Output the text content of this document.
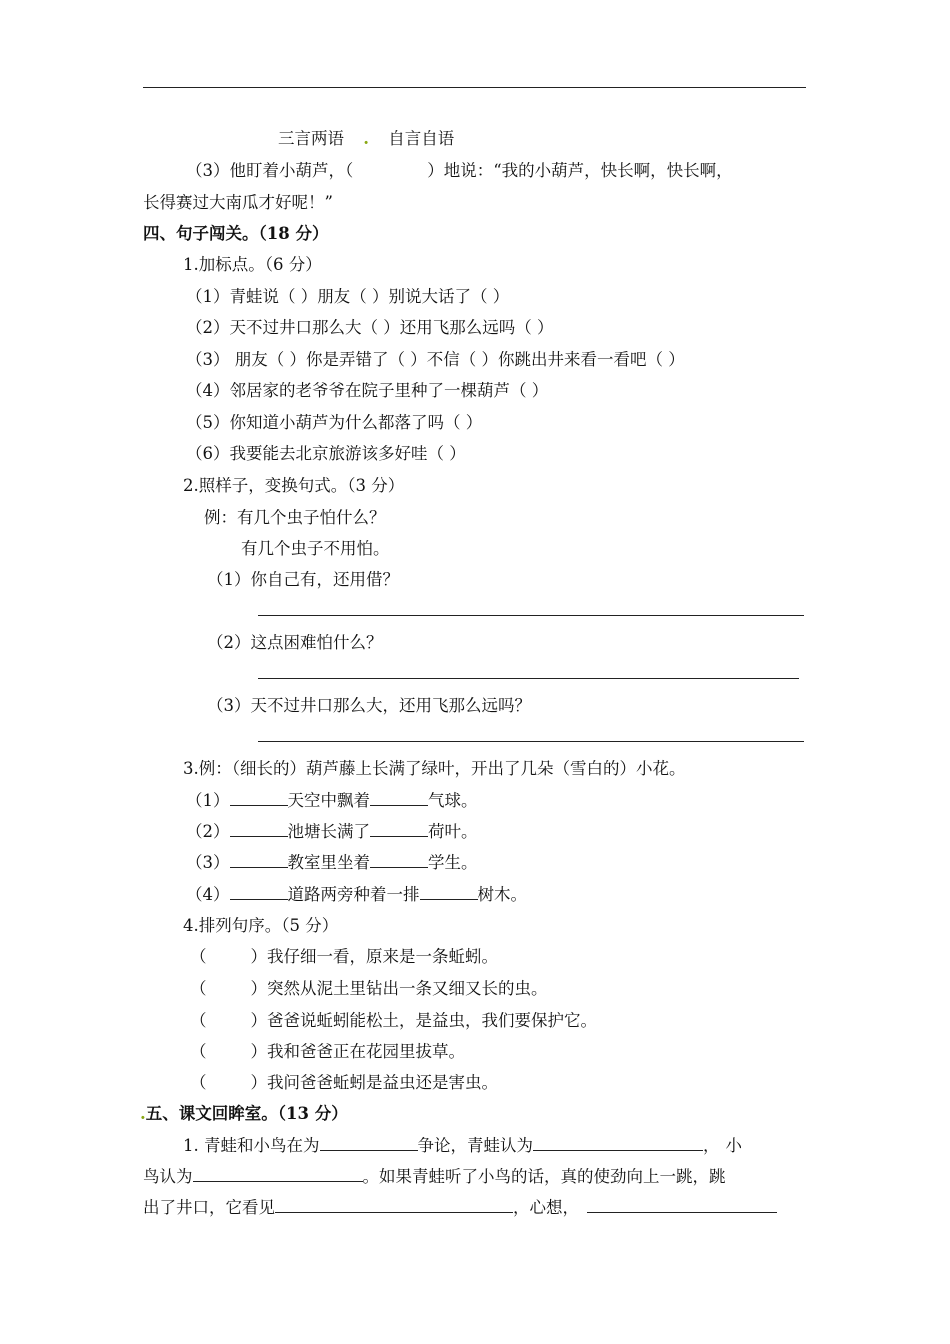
三言两语 . 自言自语
（3）他盯着小葫芦，（	）地说：“我的小葫芦，快长啊，快长啊，
长得赛过大南瓜才好呢！”
四、句子闯关。（18 分）
1.加标点。（6 分）
（1）青蛙说（ ）朋友（ ）别说大话了（ ）
（2）天不过井口那么大（ ）还用飞那么远吗（ ）
（3） 朋友（ ）你是弄错了（ ）不信（ ）你跳出井来看一看吧（ ）
（4）邻居家的老爷爷在院子里种了一棵葫芦（ ）
（5）你知道小葫芦为什么都落了吗（ ）
（6）我要能去北京旅游该多好哇（ ）
2.照样子，变换句式。（3 分）
例：有几个虫子怕什么？
有几个虫子不用怕。
（1）你自己有，还用借？
（2）这点困难怕什么？
（3）天不过井口那么大，还用飞那么远吗？
3.例：（细长的）葫芦藤上长满了绿叶，开出了几朵（雪白的）小花。
（1）	天空中飘着	气球。
（2）	池塘长满了	荷叶。
（3）	教室里坐着	学生。
（4）	道路两旁种着一排	树木。
4.排列句序。（5 分）
（	）我仔细一看，原来是一条蚯蚓。
（	）突然从泥土里钻出一条又细又长的虫。
（	）爸爸说蚯蚓能松土，是益虫，我们要保护它。
（	）我和爸爸正在花园里拔草。
（	）我问爸爸蚯蚓是益虫还是害虫。
.五、课文回眸室。（13 分）
1. 青蛙和小鸟在为	争论，青蛙认为	，小
鸟认为	。如果青蛙听了小鸟的话，真的使劲向上一跳，跳
出了井口，它看见	，心想，
